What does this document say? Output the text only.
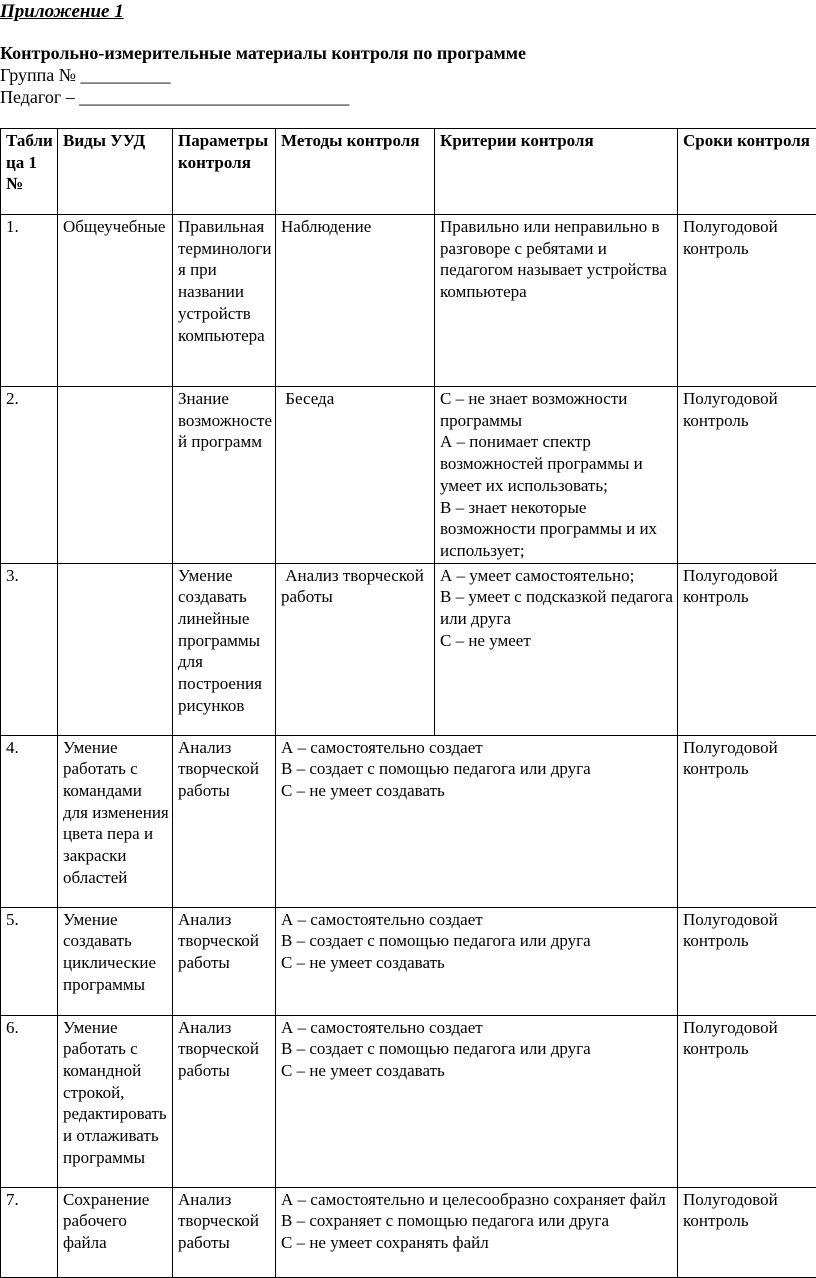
Приложение 1
Контрольно-измерительные материалы контроля по программе
Группа № __________
Педагог – ______________________________
Таблица 1 №	Виды УУД	Параметры контроля	Методы контроля	Критерии контроля	Сроки контроля
1.	Общеучебные	Правильная терминология при названии устройств компьютера	Наблюдение	Правильно или неправильно в разговоре с ребятами и педагогом называет устройства компьютера	Полугодовой контроль
2.		Знание возможностей программ	Беседа	С – не знает возможности программы
А – понимает спектр возможностей программы и умеет их использовать;
В – знает некоторые возможности программы и их использует;	Полугодовой контроль
3.		Умение создавать линейные программы для построения рисунков	Анализ творческой работы	А – умеет самостоятельно;
В – умеет с подсказкой педагога или друга
С – не умеет	Полугодовой контроль
4.	Умение работать с командами для изменения цвета пера и закраски областей	Анализ творческой работы	А – самостоятельно создает
В – создает с помощью педагога или друга
С – не умеет создавать		Полугодовой контроль
5.	Умение создавать циклические программы	Анализ творческой работы	А – самостоятельно создает
В – создает с помощью педагога или друга
С – не умеет создавать		Полугодовой контроль
6.	Умение работать с командной строкой, редактировать и отлаживать программы	Анализ творческой работы	А – самостоятельно создает
В – создает с помощью педагога или друга
С – не умеет создавать		Полугодовой контроль
7.	Сохранение рабочего файла	Анализ творческой работы	А – самостоятельно и целесообразно сохраняет файл
В – сохраняет с помощью педагога или друга
С – не умеет сохранять файл		Полугодовой контроль
